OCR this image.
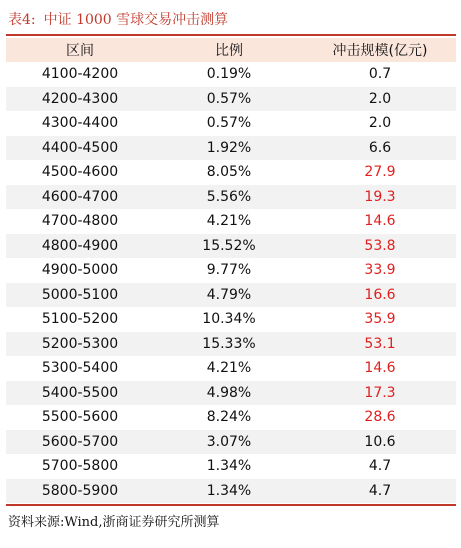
表4: 中证 1000 雪球交易冲击测算
区间	比例	冲击规模(亿元)
4100-4200	0.19%	0.7
4200-4300	0.57%	2.0
4300-4400	0.57%	2.0
4400-4500	1.92%	6.6
4500-4600	8.05%	27.9
4600-4700	5.56%	19.3
4700-4800	4.21%	14.6
4800-4900	15.52%	53.8
4900-5000	9.77%	33.9
5000-5100	4.79%	16.6
5100-5200	10.34%	35.9
5200-5300	15.33%	53.1
5300-5400	4.21%	14.6
5400-5500	4.98%	17.3
5500-5600	8.24%	28.6
5600-5700	3.07%	10.6
5700-5800	1.34%	4.7
5800-5900	1.34%	4.7
资料来源:Wind,浙商证券研究所测算
